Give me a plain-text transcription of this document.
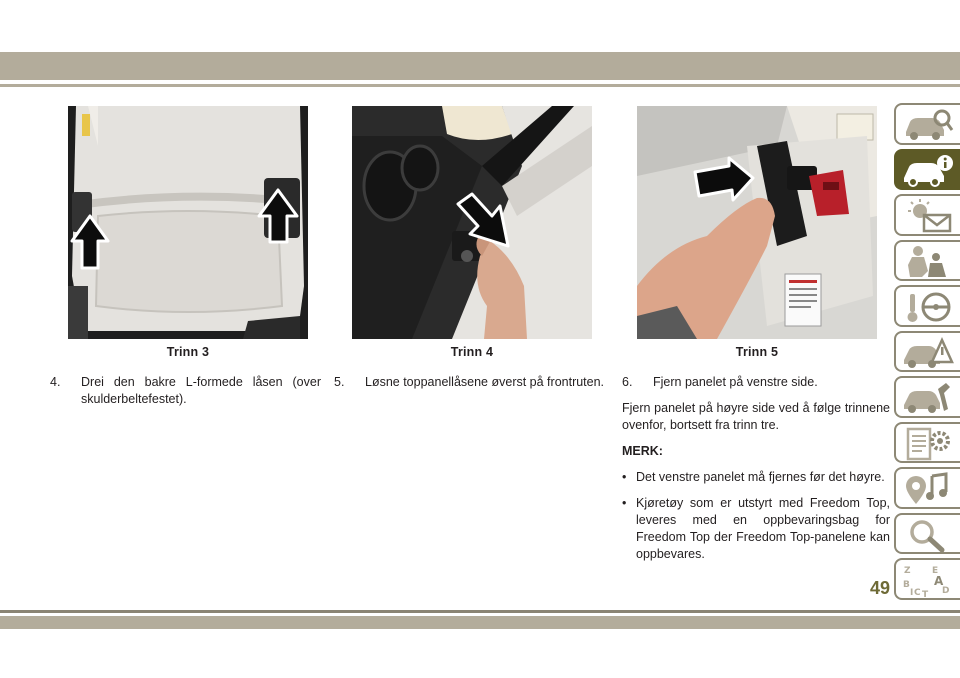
Trinn 3	Trinn 4	Trinn 5

4. Drei den bakre L-formede låsen (over skulderbeltefestet).

5. Løsne toppanellåsene øverst på frontruten. 6. Fjern panelet på venstre side.

Fjern panelet på høyre side ved å følge trinnene ovenfor, bortsett fra trinn tre.

MERK:

• Det venstre panelet må fjernes før det høyre.

• Kjøretøy som er utstyrt med Freedom Top, leveres med en oppbevaringsbag for Freedom Top der Freedom Top-panelene kan oppbevares.

Z E
B A
C T D
I
49
